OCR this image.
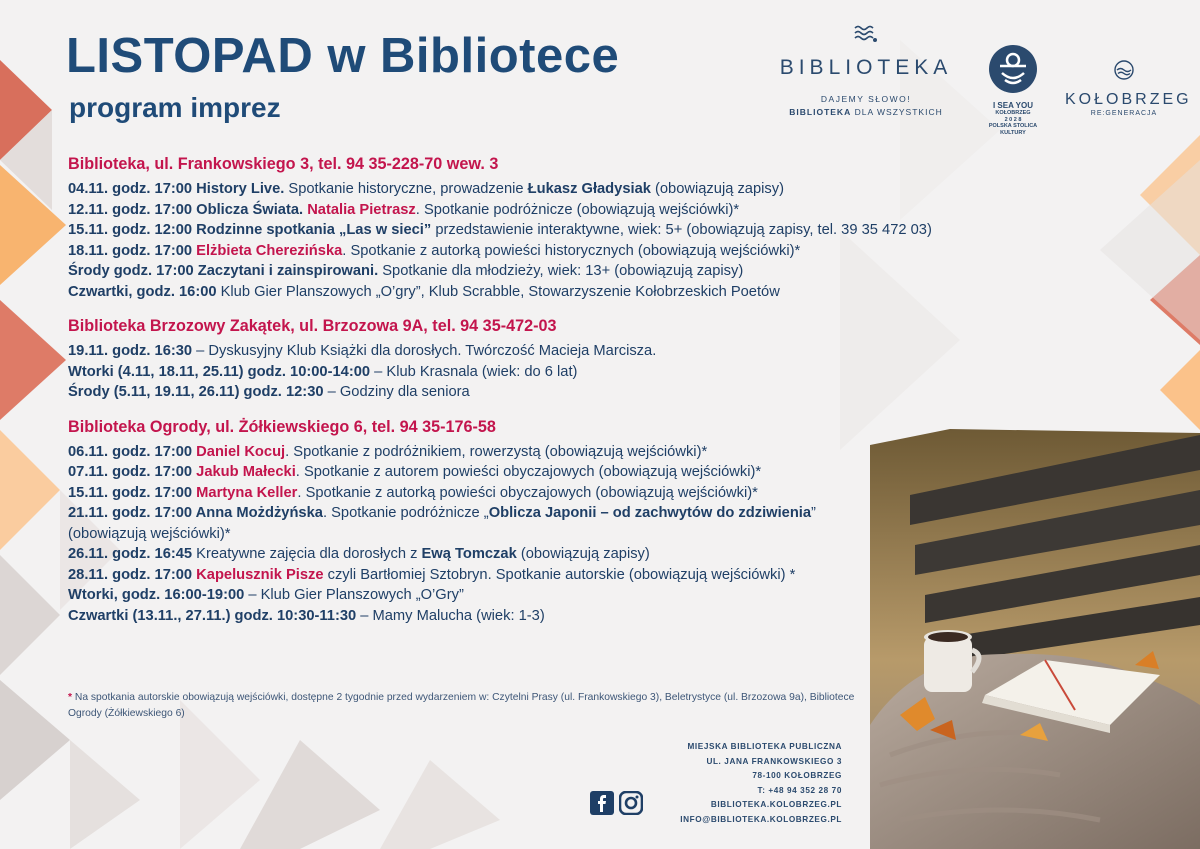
LISTOPAD w Bibliotece
program imprez
BIBLIOTEKA
DAJEMY SŁOWO!
BIBLIOTEKA DLA WSZYSTKICH
I SEA YOU
KOŁOBRZEG
2 0 2 8
POLSKA STOLICA
KULTURY
KOŁOBRZEG
RE:GENERACJA
Biblioteka, ul. Frankowskiego 3, tel. 94 35-228-70 wew. 3
04.11. godz. 17:00 History Live. Spotkanie historyczne, prowadzenie Łukasz Gładysiak (obowiązują zapisy)
12.11. godz. 17:00 Oblicza Świata. Natalia Pietrasz. Spotkanie podróżnicze (obowiązują wejściówki)*
15.11. godz. 12:00 Rodzinne spotkania „Las w sieci” przedstawienie interaktywne, wiek: 5+ (obowiązują zapisy, tel. 39 35 472 03)
18.11. godz. 17:00 Elżbieta Cherezińska. Spotkanie z autorką powieści historycznych (obowiązują wejściówki)*
Środy godz. 17:00 Zaczytani i zainspirowani. Spotkanie dla młodzieży, wiek: 13+ (obowiązują zapisy)
Czwartki, godz. 16:00 Klub Gier Planszowych „O’gry”, Klub Scrabble, Stowarzyszenie Kołobrzeskich Poetów
Biblioteka Brzozowy Zakątek, ul. Brzozowa 9A, tel. 94 35-472-03
19.11. godz. 16:30 – Dyskusyjny Klub Książki dla dorosłych. Twórczość Macieja Marcisza.
Wtorki (4.11, 18.11, 25.11) godz. 10:00-14:00 – Klub Krasnala (wiek: do 6 lat)
Środy (5.11, 19.11, 26.11) godz. 12:30 – Godziny dla seniora
Biblioteka Ogrody, ul. Żółkiewskiego 6, tel. 94 35-176-58
06.11. godz. 17:00 Daniel Kocuj. Spotkanie z podróżnikiem, rowerzystą (obowiązują wejściówki)*
07.11. godz. 17:00 Jakub Małecki. Spotkanie z autorem powieści obyczajowych (obowiązują wejściówki)*
15.11. godz. 17:00 Martyna Keller. Spotkanie z autorką powieści obyczajowych (obowiązują wejściówki)*
21.11. godz. 17:00 Anna Możdżyńska. Spotkanie podróżnicze „Oblicza Japonii – od zachwytów do zdziwienia” (obowiązują wejściówki)*
26.11. godz. 16:45 Kreatywne zajęcia dla dorosłych z Ewą Tomczak (obowiązują zapisy)
28.11. godz. 17:00 Kapelusznik Pisze czyli Bartłomiej Sztobryn. Spotkanie autorskie (obowiązują wejściówki) *
Wtorki, godz. 16:00-19:00 – Klub Gier Planszowych „O’Gry”
Czwartki (13.11., 27.11.) godz. 10:30-11:30 – Mamy Malucha (wiek: 1-3)
* Na spotkania autorskie obowiązują wejściówki, dostępne 2 tygodnie przed wydarzeniem w: Czytelni Prasy (ul. Frankowskiego 3), Beletrystyce (ul. Brzozowa 9a), Bibliotece Ogrody (Żółkiewskiego 6)
MIEJSKA BIBLIOTEKA PUBLICZNA
UL. JANA FRANKOWSKIEGO 3
78-100 KOŁOBRZEG
T: +48 94 352 28 70
BIBLIOTEKA.KOLOBRZEG.PL
INFO@BIBLIOTEKA.KOLOBRZEG.PL
